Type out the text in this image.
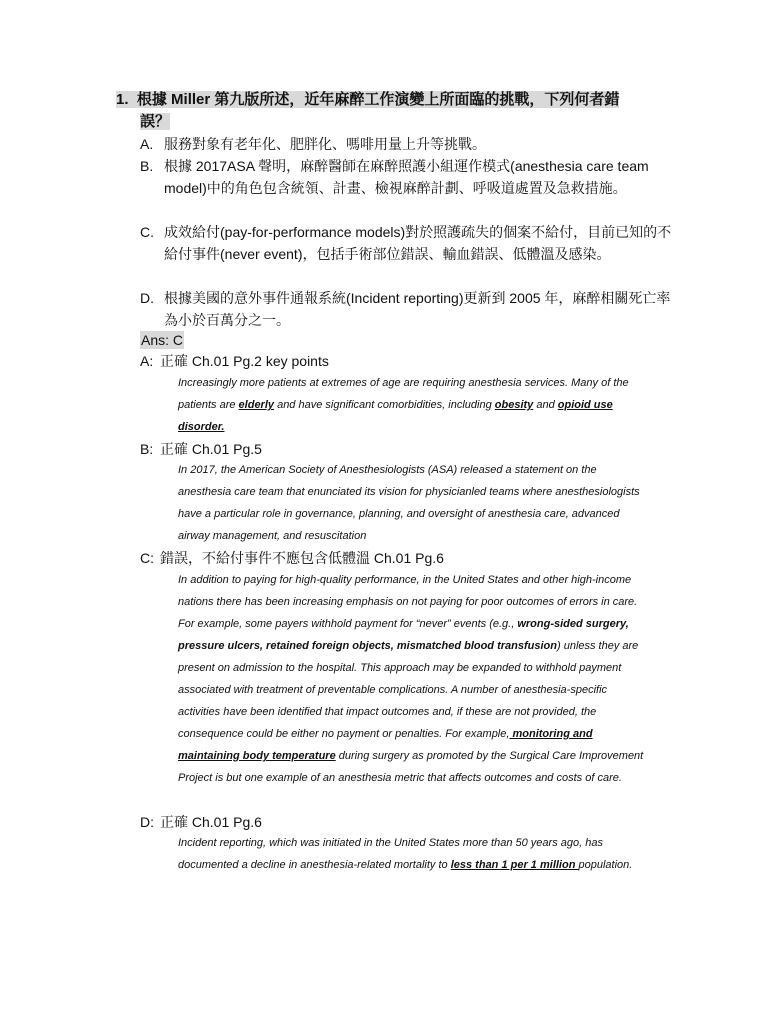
1. 根據 Miller 第九版所述，近年麻醉工作演變上所面臨的挑戰，下列何者錯
誤？
A. 服務對象有老年化、肥胖化、嗎啡用量上升等挑戰。
B. 根據 2017ASA 聲明，麻醉醫師在麻醉照護小組運作模式(anesthesia care team model)中的角色包含統領、計畫、檢視麻醉計劃、呼吸道處置及急救措施。
C. 成效給付(pay-for-performance models)對於照護疏失的個案不給付，目前已知的不給付事件(never event)，包括手術部位錯誤、輸血錯誤、低體溫及感染。
D. 根據美國的意外事件通報系統(Incident reporting)更新到 2005 年，麻醉相關死亡率為小於百萬分之一。
Ans: C
A: 正確 Ch.01 Pg.2 key points
Increasingly more patients at extremes of age are requiring anesthesia services. Many of the patients are elderly and have significant comorbidities, including obesity and opioid use disorder.
B: 正確 Ch.01 Pg.5
In 2017, the American Society of Anesthesiologists (ASA) released a statement on the anesthesia care team that enunciated its vision for physicianled teams where anesthesiologists have a particular role in governance, planning, and oversight of anesthesia care, advanced airway management, and resuscitation
C: 錯誤，不給付事件不應包含低體溫 Ch.01 Pg.6
In addition to paying for high-quality performance, in the United States and other high-income nations there has been increasing emphasis on not paying for poor outcomes of errors in care. For example, some payers withhold payment for “never” events (e.g., wrong-sided surgery, pressure ulcers, retained foreign objects, mismatched blood transfusion) unless they are present on admission to the hospital. This approach may be expanded to withhold payment associated with treatment of preventable complications. A number of anesthesia-specific activities have been identified that impact outcomes and, if these are not provided, the consequence could be either no payment or penalties. For example, monitoring and maintaining body temperature during surgery as promoted by the Surgical Care Improvement Project is but one example of an anesthesia metric that affects outcomes and costs of care.
D: 正確 Ch.01 Pg.6
Incident reporting, which was initiated in the United States more than 50 years ago, has documented a decline in anesthesia-related mortality to less than 1 per 1 million population.
